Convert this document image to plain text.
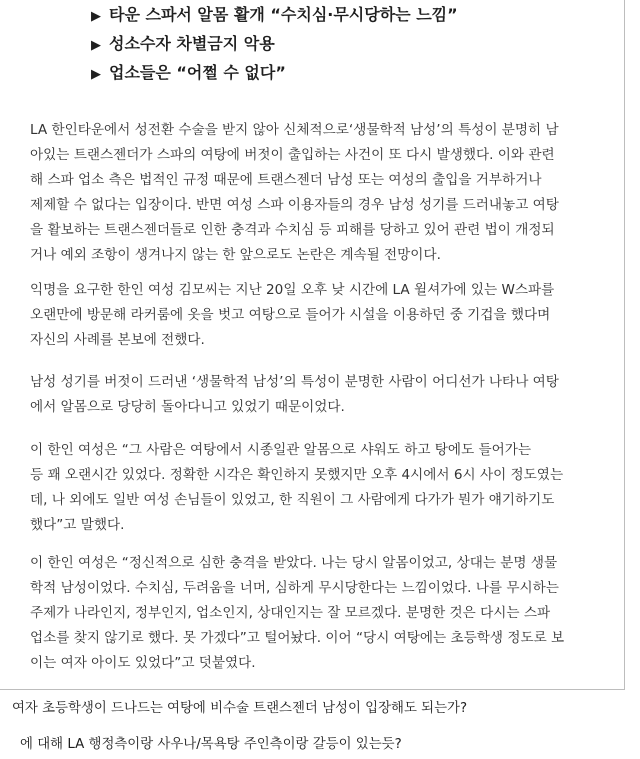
▶ 타운 스파서 알몸 활개 “수치심·무시당하는 느낌”
▶ 성소수자 차별금지 악용
▶ 업소들은 “어쩔 수 없다”

LA 한인타운에서 성전환 수술을 받지 않아 신체적으로‘생물학적 남성’의 특성이 분명히 남
아있는 트랜스젠더가 스파의 여탕에 버젓이 출입하는 사건이 또 다시 발생했다. 이와 관련
해 스파 업소 측은 법적인 규정 때문에 트랜스젠더 남성 또는 여성의 출입을 거부하거나
제제할 수 없다는 입장이다. 반면 여성 스파 이용자들의 경우 남성 성기를 드러내놓고 여탕
을 활보하는 트랜스젠더들로 인한 충격과 수치심 등 피해를 당하고 있어 관련 법이 개정되
거나 예외 조항이 생겨나지 않는 한 앞으로도 논란은 계속될 전망이다.

익명을 요구한 한인 여성 김모씨는 지난 20일 오후 낮 시간에 LA 윌셔가에 있는 W스파를
오랜만에 방문해 라커룸에 옷을 벗고 여탕으로 들어가 시설을 이용하던 중 기겁을 했다며
자신의 사례를 본보에 전했다.

남성 성기를 버젓이 드러낸 ‘생물학적 남성’의 특성이 분명한 사람이 어디선가 나타나 여탕
에서 알몸으로 당당히 돌아다니고 있었기 때문이었다.

이 한인 여성은 “그 사람은 여탕에서 시종일관 알몸으로 샤워도 하고 탕에도 들어가는
등 꽤 오랜시간 있었다. 정확한 시각은 확인하지 못했지만 오후 4시에서 6시 사이 정도였는
데, 나 외에도 일반 여성 손님들이 있었고, 한 직원이 그 사람에게 다가가 뭔가 얘기하기도
했다”고 말했다.

이 한인 여성은 “정신적으로 심한 충격을 받았다. 나는 당시 알몸이었고, 상대는 분명 생물
학적 남성이었다. 수치심, 두려움을 너머, 심하게 무시당한다는 느낌이었다. 나를 무시하는
주제가 나라인지, 정부인지, 업소인지, 상대인지는 잘 모르겠다. 분명한 것은 다시는 스파
업소를 찾지 않기로 했다. 못 가겠다”고 털어놨다. 이어 “당시 여탕에는 초등학생 정도로 보
이는 여자 아이도 있었다”고 덧붙였다.

여자 초등학생이 드나드는 여탕에 비수술 트랜스젠더 남성이 입장해도 되는가?
에 대해 LA 행정측이랑 사우나/목욕탕 주인측이랑 갈등이 있는듯?
